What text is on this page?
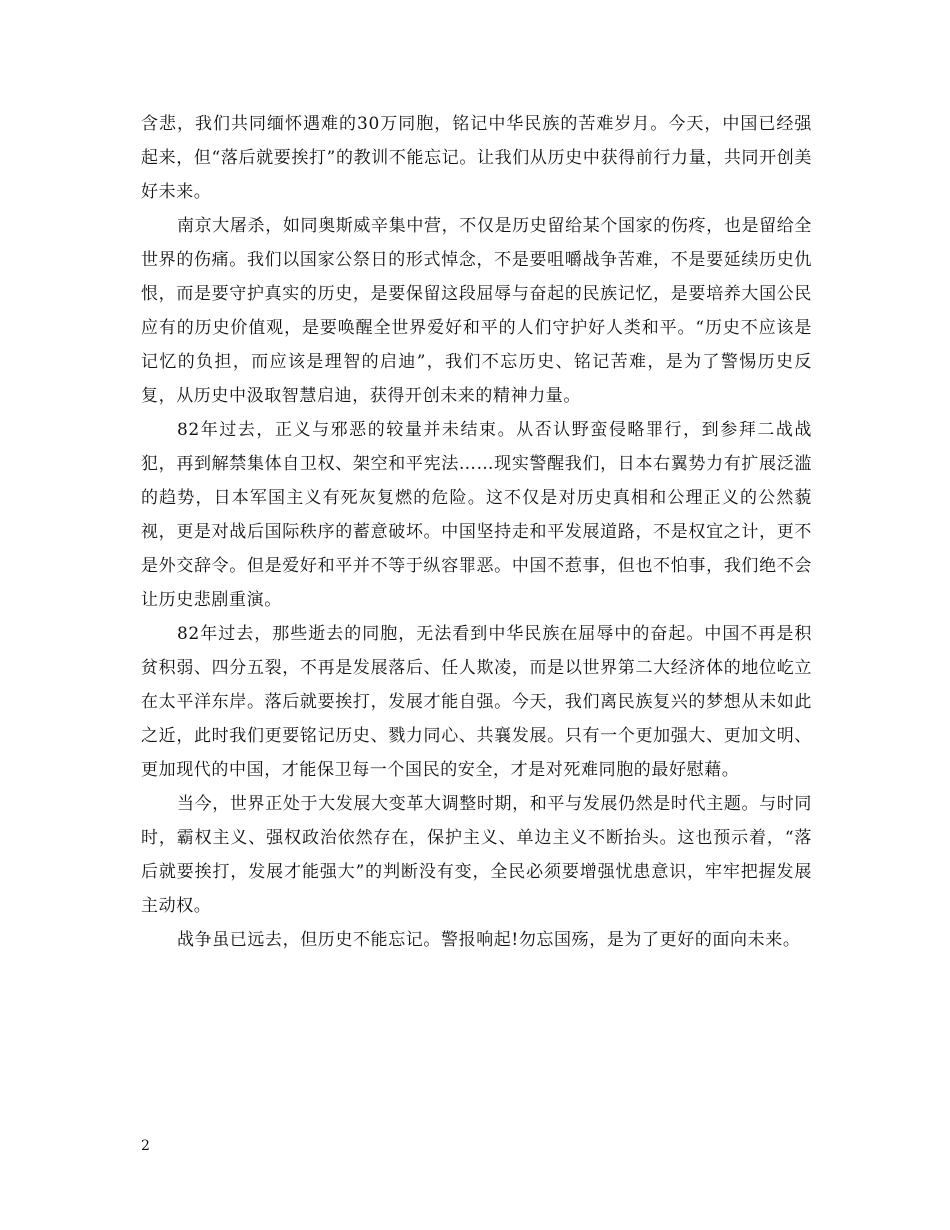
含悲，我们共同缅怀遇难的30万同胞，铭记中华民族的苦难岁月。今天，中国已经强起来，但“落后就要挨打”的教训不能忘记。让我们从历史中获得前行力量，共同开创美好未来。

南京大屠杀，如同奥斯威辛集中营，不仅是历史留给某个国家的伤疼，也是留给全世界的伤痛。我们以国家公祭日的形式悼念，不是要咀嚼战争苦难，不是要延续历史仇恨，而是要守护真实的历史，是要保留这段屈辱与奋起的民族记忆，是要培养大国公民应有的历史价值观，是要唤醒全世界爱好和平的人们守护好人类和平。“历史不应该是记忆的负担，而应该是理智的启迪”，我们不忘历史、铭记苦难，是为了警惕历史反复，从历史中汲取智慧启迪，获得开创未来的精神力量。

82年过去，正义与邪恶的较量并未结束。从否认野蛮侵略罪行，到参拜二战战犯，再到解禁集体自卫权、架空和平宪法……现实警醒我们，日本右翼势力有扩展泛滥的趋势，日本军国主义有死灰复燃的危险。这不仅是对历史真相和公理正义的公然藐视，更是对战后国际秩序的蓄意破坏。中国坚持走和平发展道路，不是权宜之计，更不是外交辞令。但是爱好和平并不等于纵容罪恶。中国不惹事，但也不怕事，我们绝不会让历史悲剧重演。

82年过去，那些逝去的同胞，无法看到中华民族在屈辱中的奋起。中国不再是积贫积弱、四分五裂，不再是发展落后、任人欺凌，而是以世界第二大经济体的地位屹立在太平洋东岸。落后就要挨打，发展才能自强。今天，我们离民族复兴的梦想从未如此之近，此时我们更要铭记历史、戮力同心、共襄发展。只有一个更加强大、更加文明、更加现代的中国，才能保卫每一个国民的安全，才是对死难同胞的最好慰藉。

当今，世界正处于大发展大变革大调整时期，和平与发展仍然是时代主题。与时同时，霸权主义、强权政治依然存在，保护主义、单边主义不断抬头。这也预示着，“落后就要挨打，发展才能强大”的判断没有变，全民必须要增强忧患意识，牢牢把握发展主动权。

战争虽已远去，但历史不能忘记。警报响起!勿忘国殇，是为了更好的面向未来。

2
